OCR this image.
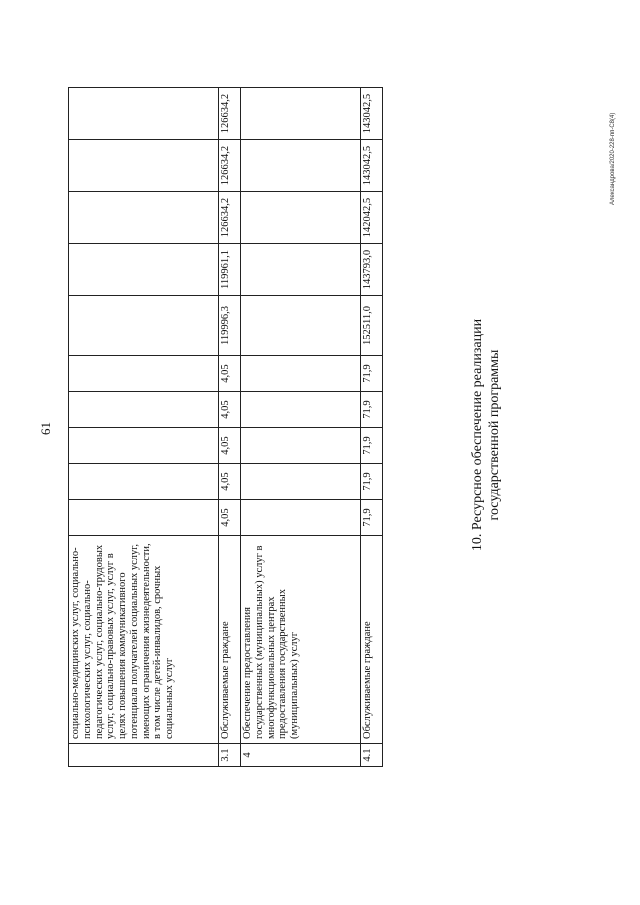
61
	социально-медицинских услуг, социально-психологических услуг, социально-педагогических услуг, социально-трудовых услуг, социально-правовых услуг, услуг в целях повышения коммуникативного потенциала получателей социальных услуг, имеющих ограничения жизнедеятельности, в том числе детей-инвалидов, срочных социальных услуг										
3.1	Обслуживаемые граждане	4,05	4,05	4,05	4,05	4,05	119996,3	119961,1	126634,2	126634,2	126634,2
4	Обеспечение предоставления государственных (муниципальных) услуг в многофункциональных центрах предоставления государственных (муниципальных) услуг										
4.1	Обслуживаемые граждане	71,9	71,9	71,9	71,9	71,9	152511,0	143793,0	142042,5	143042,5	143042,5
10. Ресурсное обеспечение реализации государственной программы
Александрова/2020-228-пп-С8(4)
